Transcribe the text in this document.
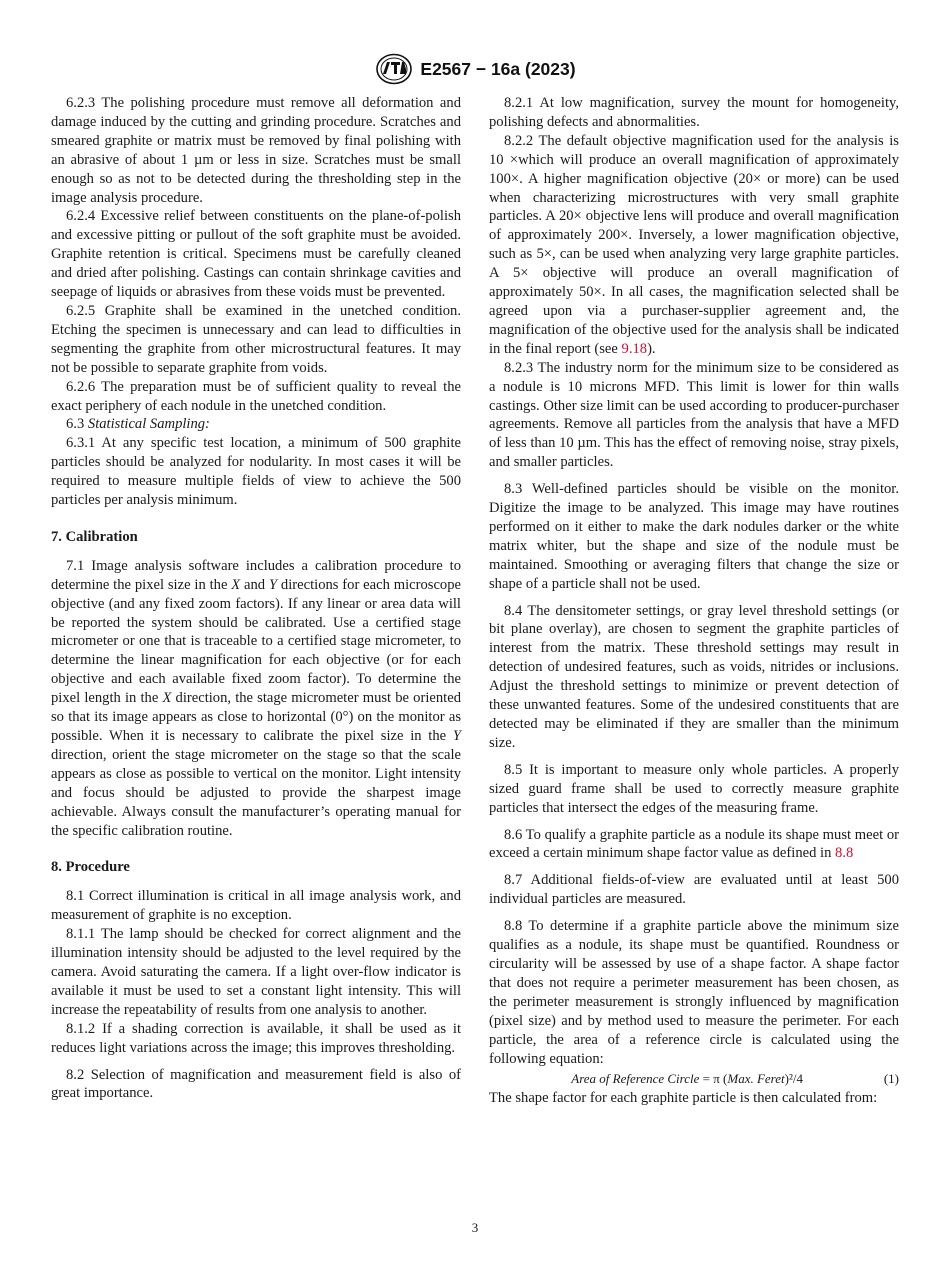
E2567 − 16a (2023)

6.2.3 The polishing procedure must remove all deformation and damage induced by the cutting and grinding procedure. Scratches and smeared graphite or matrix must be removed by final polishing with an abrasive of about 1 µm or less in size. Scratches must be small enough so as not to be detected during the thresholding step in the image analysis procedure.

6.2.4 Excessive relief between constituents on the plane-of-polish and excessive pitting or pullout of the soft graphite must be avoided. Graphite retention is critical. Specimens must be carefully cleaned and dried after polishing. Castings can contain shrinkage cavities and seepage of liquids or abrasives from these voids must be prevented.

6.2.5 Graphite shall be examined in the unetched condition. Etching the specimen is unnecessary and can lead to difficulties in segmenting the graphite from other microstructural features. It may not be possible to separate graphite from voids.

6.2.6 The preparation must be of sufficient quality to reveal the exact periphery of each nodule in the unetched condition.

6.3 Statistical Sampling:

6.3.1 At any specific test location, a minimum of 500 graphite particles should be analyzed for nodularity. In most cases it will be required to measure multiple fields of view to achieve the 500 particles per analysis minimum.

7. Calibration

7.1 Image analysis software includes a calibration procedure to determine the pixel size in the X and Y directions for each microscope objective (and any fixed zoom factors). If any linear or area data will be reported the system should be calibrated. Use a certified stage micrometer or one that is traceable to a certified stage micrometer, to determine the linear magnification for each objective (or for each objective and each available fixed zoom factor). To determine the pixel length in the X direction, the stage micrometer must be oriented so that its image appears as close to horizontal (0°) on the monitor as possible. When it is necessary to calibrate the pixel size in the Y direction, orient the stage micrometer on the stage so that the scale appears as close as possible to vertical on the monitor. Light intensity and focus should be adjusted to provide the sharpest image achievable. Always consult the manufacturer’s operating manual for the specific calibration routine.

8. Procedure

8.1 Correct illumination is critical in all image analysis work, and measurement of graphite is no exception.

8.1.1 The lamp should be checked for correct alignment and the illumination intensity should be adjusted to the level required by the camera. Avoid saturating the camera. If a light over-flow indicator is available it must be used to set a constant light intensity. This will increase the repeatability of results from one analysis to another.

8.1.2 If a shading correction is available, it shall be used as it reduces light variations across the image; this improves thresholding.

8.2 Selection of magnification and measurement field is also of great importance.

8.2.1 At low magnification, survey the mount for homogeneity, polishing defects and abnormalities.

8.2.2 The default objective magnification used for the analysis is 10 ×which will produce an overall magnification of approximately 100×. A higher magnification objective (20× or more) can be used when characterizing microstructures with very small graphite particles. A 20× objective lens will produce and overall magnification of approximately 200×. Inversely, a lower magnification objective, such as 5×, can be used when analyzing very large graphite particles. A 5× objective will produce an overall magnification of approximately 50×. In all cases, the magnification selected shall be agreed upon via a purchaser-supplier agreement and, the magnification of the objective used for the analysis shall be indicated in the final report (see 9.18).

8.2.3 The industry norm for the minimum size to be considered as a nodule is 10 microns MFD. This limit is lower for thin walls castings. Other size limit can be used according to producer-purchaser agreements. Remove all particles from the analysis that have a MFD of less than 10 µm. This has the effect of removing noise, stray pixels, and smaller particles.

8.3 Well-defined particles should be visible on the monitor. Digitize the image to be analyzed. This image may have routines performed on it either to make the dark nodules darker or the white matrix whiter, but the shape and size of the nodule must be maintained. Smoothing or averaging filters that change the size or shape of a particle shall not be used.

8.4 The densitometer settings, or gray level threshold settings (or bit plane overlay), are chosen to segment the graphite particles of interest from the matrix. These threshold settings may result in detection of undesired features, such as voids, nitrides or inclusions. Adjust the threshold settings to minimize or prevent detection of these unwanted features. Some of the undesired constituents that are detected may be eliminated if they are smaller than the minimum size.

8.5 It is important to measure only whole particles. A properly sized guard frame shall be used to correctly measure graphite particles that intersect the edges of the measuring frame.

8.6 To qualify a graphite particle as a nodule its shape must meet or exceed a certain minimum shape factor value as defined in 8.8

8.7 Additional fields-of-view are evaluated until at least 500 individual particles are measured.

8.8 To determine if a graphite particle above the minimum size qualifies as a nodule, its shape must be quantified. Roundness or circularity will be assessed by use of a shape factor. A shape factor that does not require a perimeter measurement has been chosen, as the perimeter measurement is strongly influenced by magnification (pixel size) and by method used to measure the perimeter. For each particle, the area of a reference circle is calculated using the following equation:

Area of Reference Circle = π (Max. Feret)²/4	(1)

The shape factor for each graphite particle is then calculated from:

3
